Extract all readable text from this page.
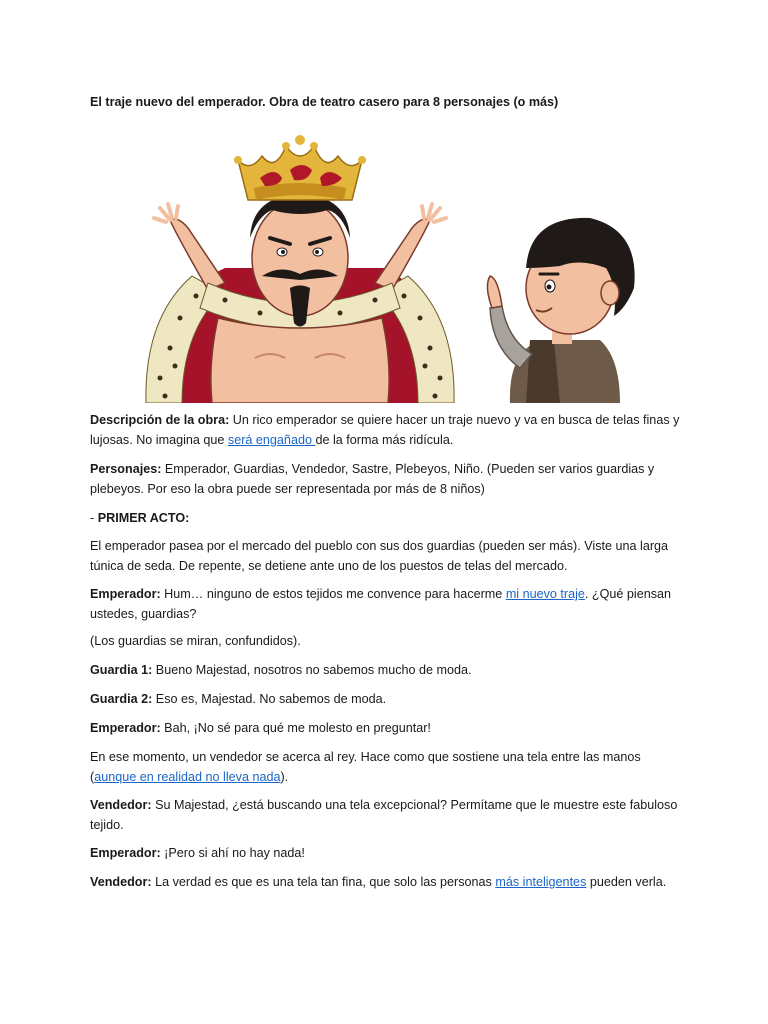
El traje nuevo del emperador. Obra de teatro casero para 8 personajes (o más)
Descripción de la obra: Un rico emperador se quiere hacer un traje nuevo y va en busca de telas finas y lujosas. No imagina que será engañado de la forma más ridícula.
Personajes: Emperador, Guardias, Vendedor, Sastre, Plebeyos, Niño. (Pueden ser varios guardias y plebeyos. Por eso la obra puede ser representada por más de 8 niños)
- PRIMER ACTO:
El emperador pasea por el mercado del pueblo con sus dos guardias (pueden ser más). Viste una larga túnica de seda. De repente, se detiene ante uno de los puestos de telas del mercado.
Emperador: Hum… ninguno de estos tejidos me convence para hacerme mi nuevo traje. ¿Qué piensan ustedes, guardias?
(Los guardias se miran, confundidos).
Guardia 1: Bueno Majestad, nosotros no sabemos mucho de moda.
Guardia 2: Eso es, Majestad. No sabemos de moda.
Emperador: Bah, ¡No sé para qué me molesto en preguntar!
En ese momento, un vendedor se acerca al rey. Hace como que sostiene una tela entre las manos (aunque en realidad no lleva nada).
Vendedor: Su Majestad, ¿está buscando una tela excepcional? Permítame que le muestre este fabuloso tejido.
Emperador: ¡Pero si ahí no hay nada!
Vendedor: La verdad es que es una tela tan fina, que solo las personas más inteligentes pueden verla.
